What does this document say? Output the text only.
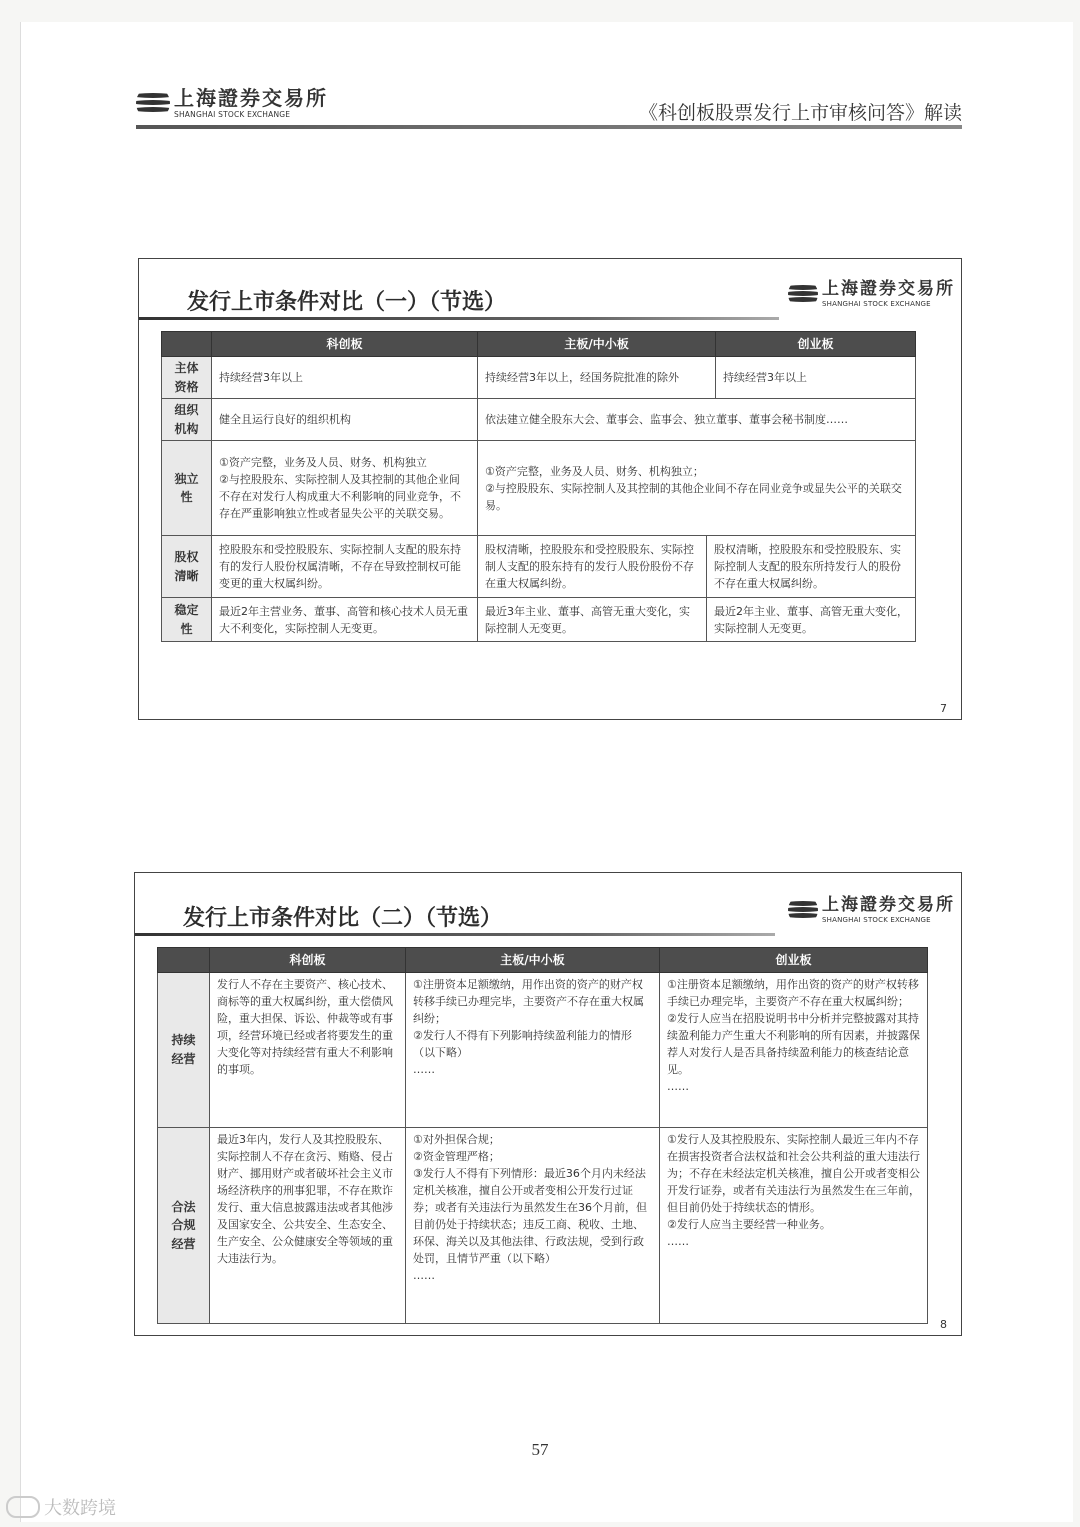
上海證券交易所
SHANGHAI STOCK EXCHANGE	《科创板股票发行上市审核问答》解读
发行上市条件对比（一）（节选）
上海證券交易所
SHANGHAI STOCK EXCHANGE
	科创板	主板/中小板		创业板

主体
资格	持续经营3年以上	持续经营3年以上，经国务院批准的除外		持续经营3年以上

组织
机构	健全且运行良好的组织机构	依法建立健全股东大会、董事会、监事会、独立董事、董事会秘书制度……		

独立
性	①资产完整，业务及人员、财务、机构独立
②与控股股东、实际控制人及其控制的其他企业间不存在对发行人构成重大不利影响的同业竞争，不存在严重影响独立性或者显失公平的关联交易。	①资产完整，业务及人员、财务、机构独立；
②与控股股东、实际控制人及其控制的其他企业间不存在同业竞争或显失公平的关联交易。		

股权
清晰	控股股东和受控股股东、实际控制人支配的股东持有的发行人股份权属清晰，不存在导致控制权可能变更的重大权属纠纷。	股权清晰，控股股东和受控股股东、实际控制人支配的股东持有的发行人股份股份不存在重大权属纠纷。	股权清晰，控股股东和受控股股东、实际控制人支配的股东所持发行人的股份不存在重大权属纠纷。	

稳定
性	最近2年主营业务、董事、高管和核心技术人员无重大不利变化，实际控制人无变更。	最近3年主业、董事、高管无重大变化，实际控制人无变更。	最近2年主业、董事、高管无重大变化，实际控制人无变更。	

7
发行上市条件对比（二）（节选）
上海證券交易所
SHANGHAI STOCK EXCHANGE
	科创板	主板/中小板	创业板

持续
经营	发行人不存在主要资产、核心技术、商标等的重大权属纠纷，重大偿债风险，重大担保、诉讼、仲裁等或有事项，经营环境已经或者将要发生的重大变化等对持续经营有重大不利影响的事项。	①注册资本足额缴纳，用作出资的资产的财产权转移手续已办理完毕，主要资产不存在重大权属纠纷；
②发行人不得有下列影响持续盈利能力的情形（以下略）
……	①注册资本足额缴纳，用作出资的资产的财产权转移手续已办理完毕，主要资产不存在重大权属纠纷；
②发行人应当在招股说明书中分析并完整披露对其持续盈利能力产生重大不利影响的所有因素，并披露保荐人对发行人是否具备持续盈利能力的核查结论意见。
……

合法
合规
经营	最近3年内，发行人及其控股股东、实际控制人不存在贪污、贿赂、侵占财产、挪用财产或者破坏社会主义市场经济秩序的刑事犯罪，不存在欺诈发行、重大信息披露违法或者其他涉及国家安全、公共安全、生态安全、生产安全、公众健康安全等领域的重大违法行为。	①对外担保合规；
②资金管理严格；
③发行人不得有下列情形：最近36个月内未经法定机关核准，擅自公开或者变相公开发行过证券；或者有关违法行为虽然发生在36个月前，但目前仍处于持续状态；违反工商、税收、土地、环保、海关以及其他法律、行政法规，受到行政处罚，且情节严重（以下略）
……	①发行人及其控股股东、实际控制人最近三年内不存在损害投资者合法权益和社会公共利益的重大违法行为；不存在未经法定机关核准，擅自公开或者变相公开发行证券，或者有关违法行为虽然发生在三年前，但目前仍处于持续状态的情形。
②发行人应当主要经营一种业务。
……

8
57
大数跨境
